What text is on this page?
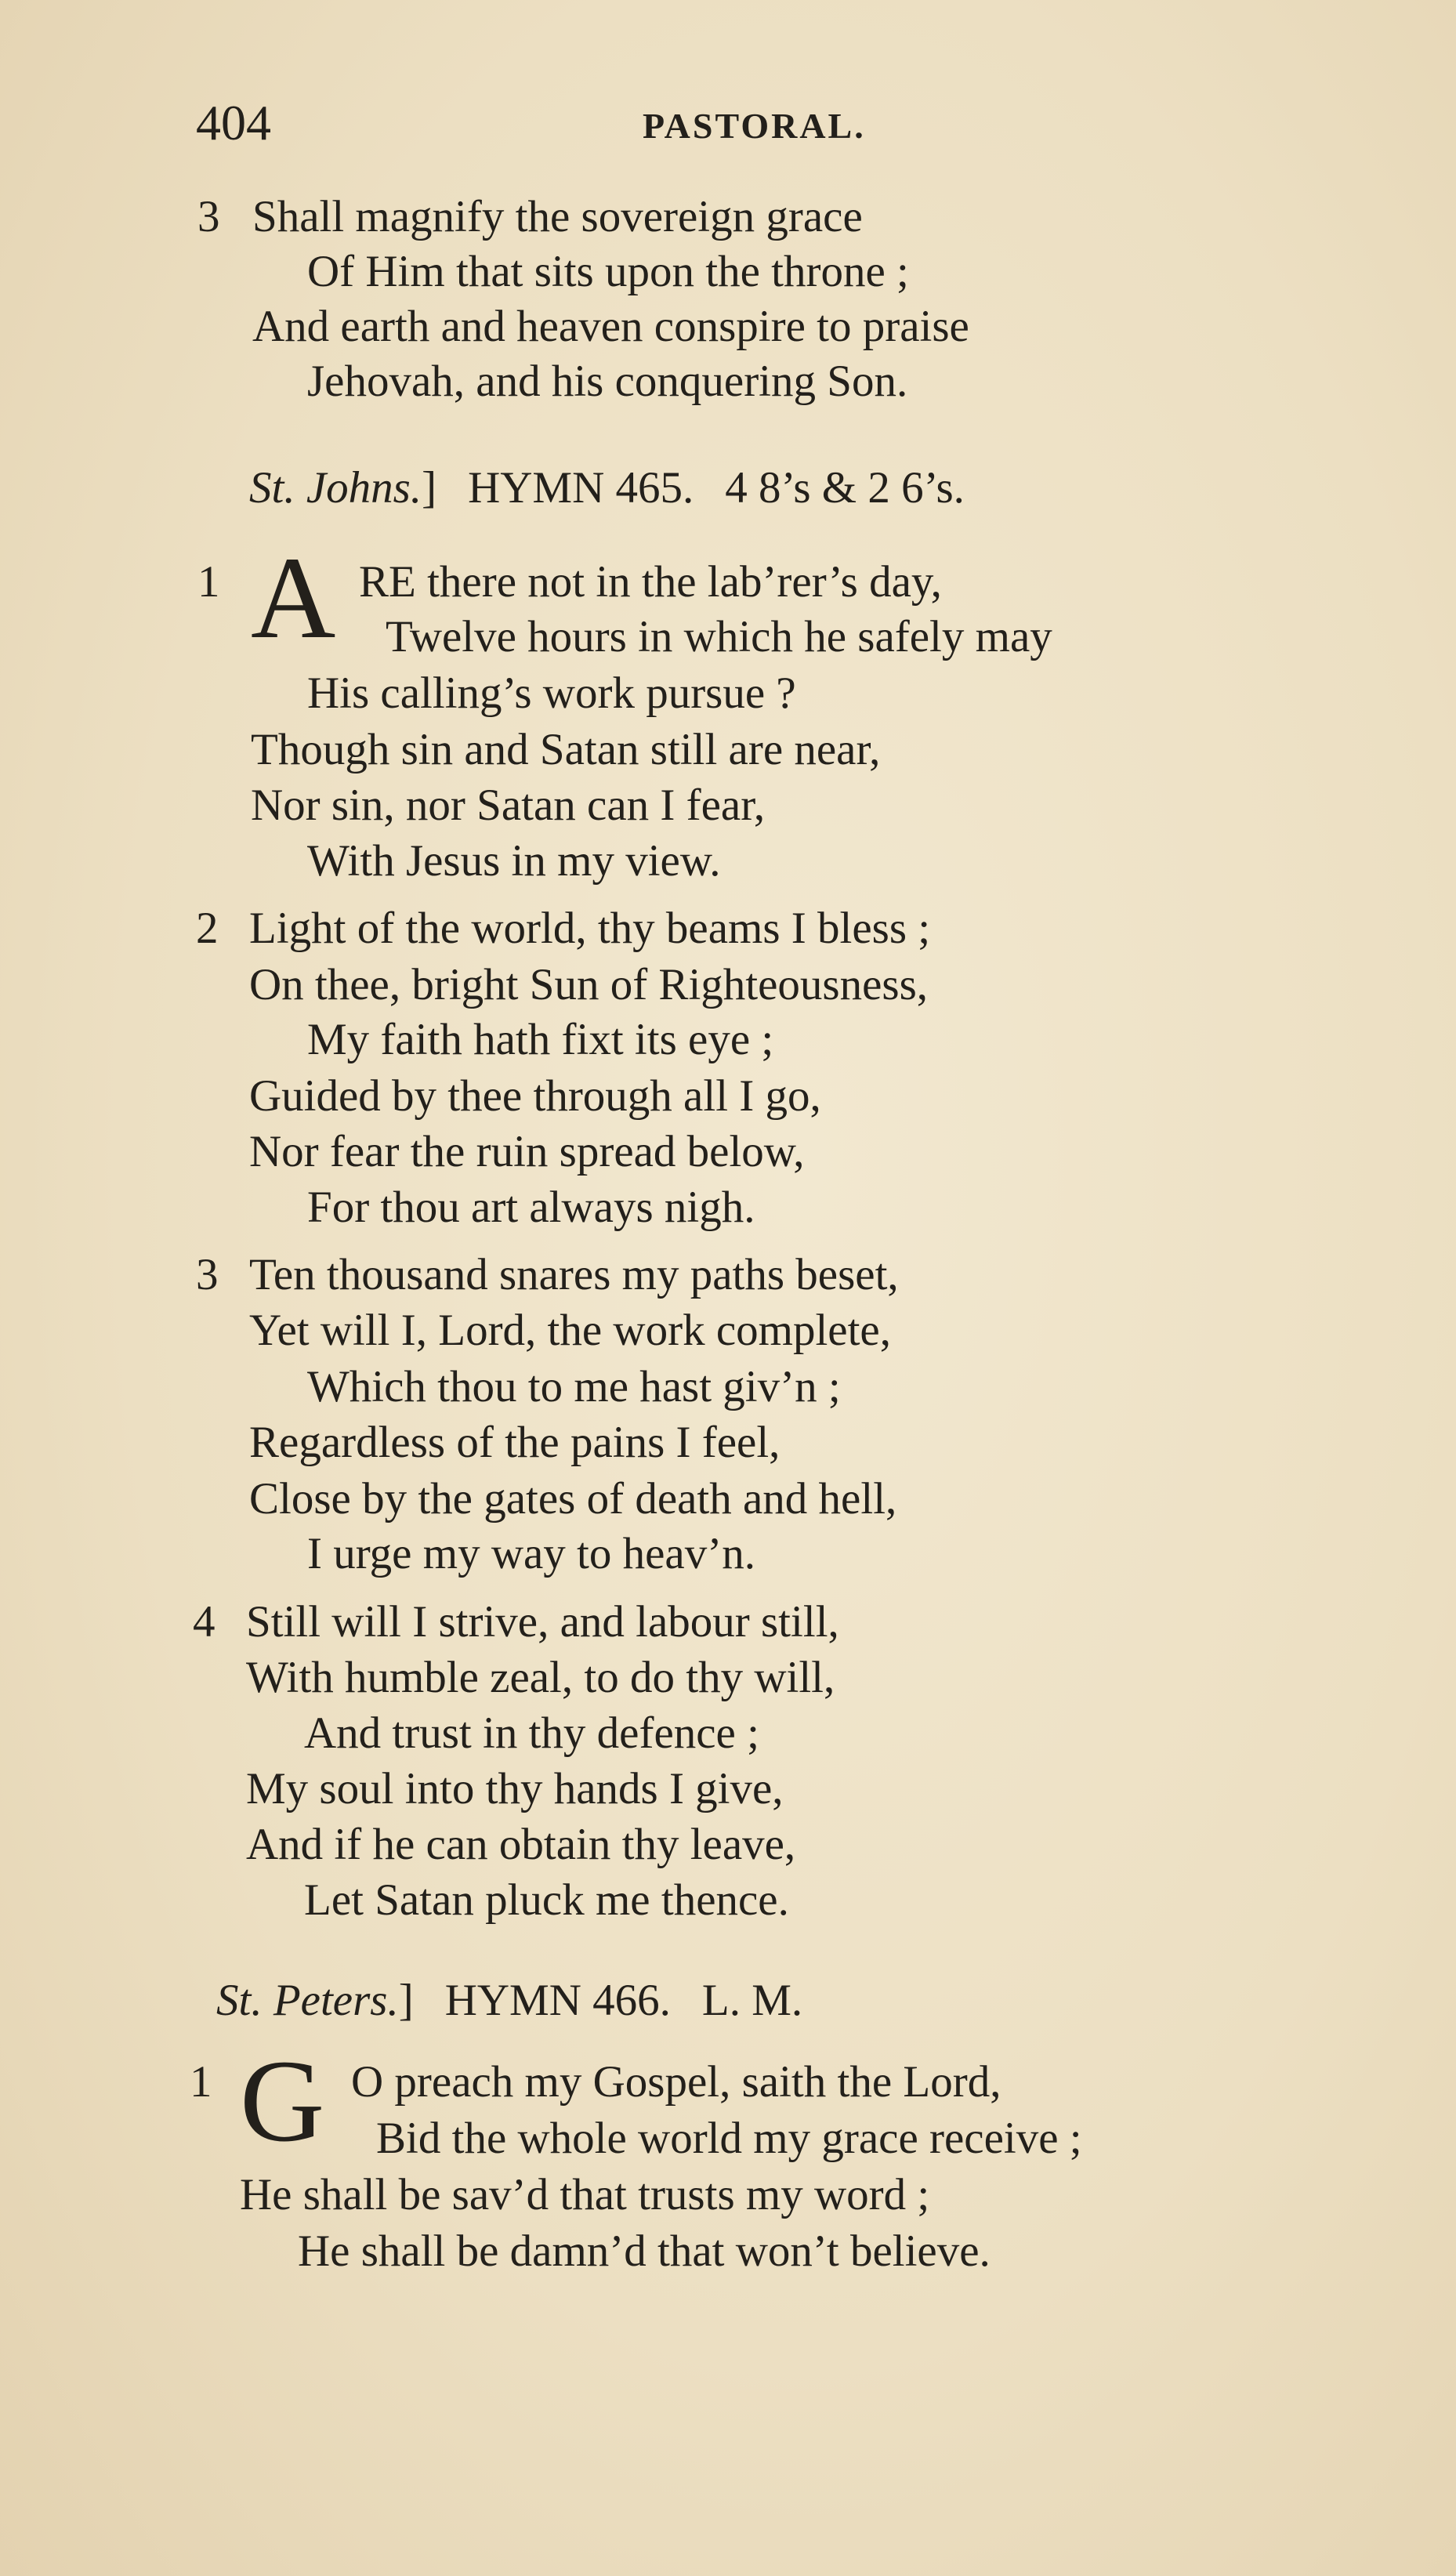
404	PASTORAL.
3 Shall magnify the sovereign grace
Of Him that sits upon the throne ;
And earth and heaven conspire to praise
Jehovah, and his conquering Son.
St. Johns.] HYMN 465. 4 8’s & 2 6’s.
1 A RE there not in the lab’rer’s day,
Twelve hours in which he safely may
His calling’s work pursue ?
Though sin and Satan still are near,
Nor sin, nor Satan can I fear,
With Jesus in my view.
2 Light of the world, thy beams I bless ;
On thee, bright Sun of Righteousness,
My faith hath fixt its eye ;
Guided by thee through all I go,
Nor fear the ruin spread below,
For thou art always nigh.
3 Ten thousand snares my paths beset,
Yet will I, Lord, the work complete,
Which thou to me hast giv’n ;
Regardless of the pains I feel,
Close by the gates of death and hell,
I urge my way to heav’n.
4 Still will I strive, and labour still,
With humble zeal, to do thy will,
And trust in thy defence ;
My soul into thy hands I give,
And if he can obtain thy leave,
Let Satan pluck me thence.
St. Peters.] HYMN 466. L. M.
1 G O preach my Gospel, saith the Lord,
Bid the whole world my grace receive ;
He shall be sav’d that trusts my word ;
He shall be damn’d that won’t believe.
